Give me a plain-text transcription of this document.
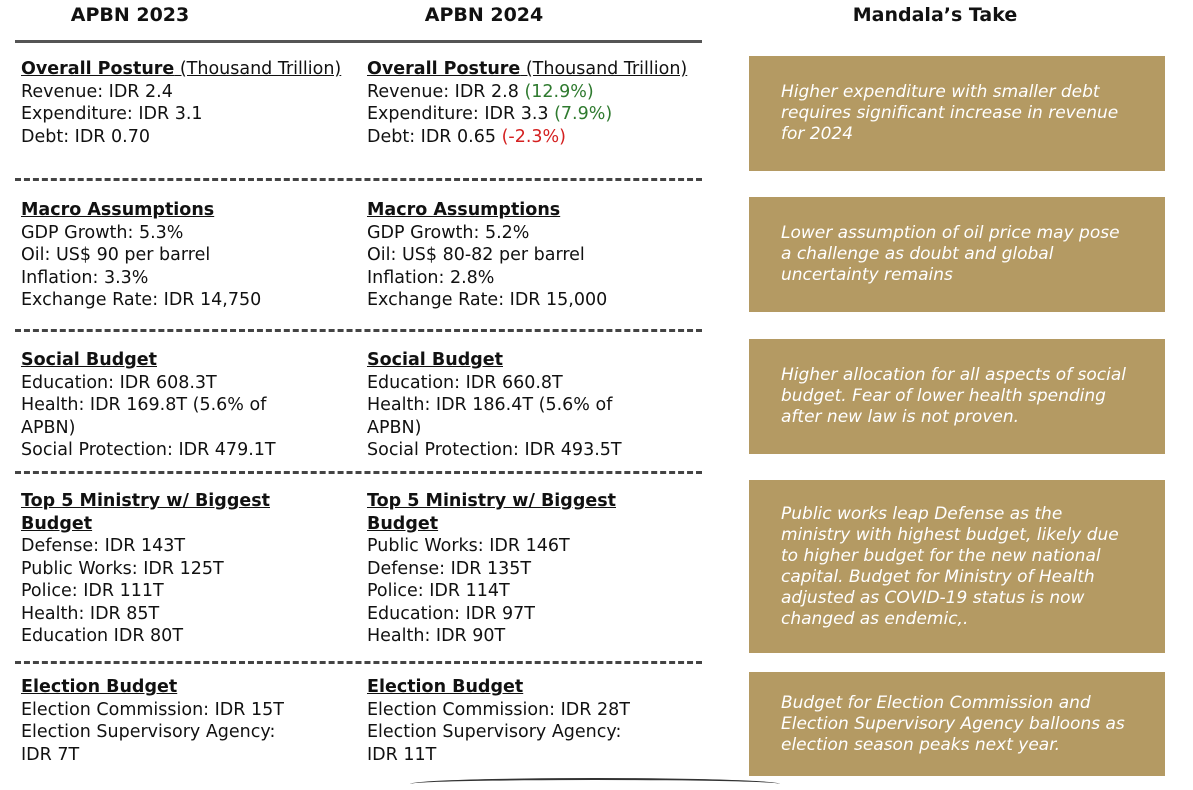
APBN 2023	APBN 2024	Mandala’s Take
Overall Posture (Thousand Trillion)
Revenue: IDR 2.4
Expenditure: IDR 3.1
Debt: IDR 0.70
Overall Posture (Thousand Trillion)
Revenue: IDR 2.8 (12.9%)
Expenditure: IDR 3.3 (7.9%)
Debt: IDR 0.65 (-2.3%)
Higher expenditure with smaller debt requires significant increase in revenue for 2024
Macro Assumptions
GDP Growth: 5.3%
Oil: US$ 90 per barrel
Inflation: 3.3%
Exchange Rate: IDR 14,750
Macro Assumptions
GDP Growth: 5.2%
Oil: US$ 80-82 per barrel
Inflation: 2.8%
Exchange Rate: IDR 15,000
Lower assumption of oil price may pose a challenge as doubt and global uncertainty remains
Social Budget
Education: IDR 608.3T
Health: IDR 169.8T (5.6% of
APBN)
Social Protection: IDR 479.1T
Social Budget
Education: IDR 660.8T
Health: IDR 186.4T (5.6% of
APBN)
Social Protection: IDR 493.5T
Higher allocation for all aspects of social budget. Fear of lower health spending after new law is not proven.
Top 5 Ministry w/ Biggest
Budget
Defense: IDR 143T
Public Works: IDR 125T
Police: IDR 111T
Health: IDR 85T
Education IDR 80T
Top 5 Ministry w/ Biggest
Budget
Public Works: IDR 146T
Defense: IDR 135T
Police: IDR 114T
Education: IDR 97T
Health: IDR 90T
Public works leap Defense as the ministry with highest budget, likely due to higher budget for the new national capital. Budget for Ministry of Health adjusted as COVID-19 status is now changed as endemic,.
Election Budget
Election Commission: IDR 15T
Election Supervisory Agency:
IDR 7T
Election Budget
Election Commission: IDR 28T
Election Supervisory Agency:
IDR 11T
Budget for Election Commission and Election Supervisory Agency balloons as election season peaks next year.
